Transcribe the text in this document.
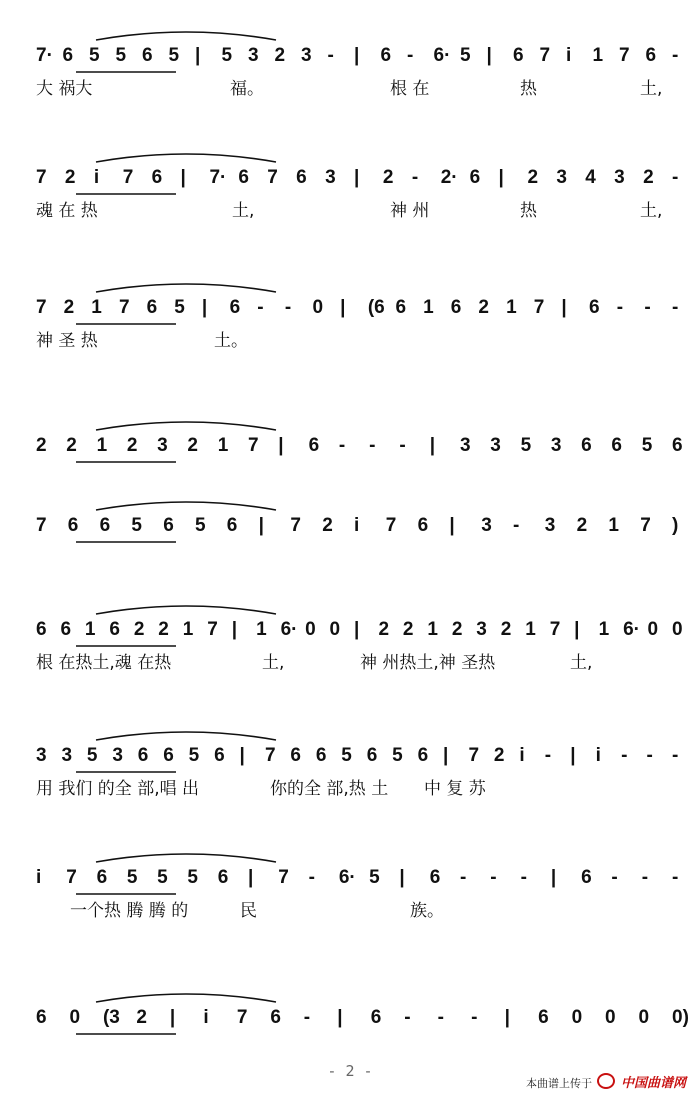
7· 6 5 5 6 5 | 5 3 2 3 - | 6 - 6· 5 | 6 7 i 1 7 6 -
大 祸大	福。	根 在	热	土,
7 2 i 7 6 | 7· 6 7 6 3 | 2 - 2· 6 | 2 3 4 3 2 -
魂 在 热	土,	神 州	热	土,
7 2 1 7 6 5 | 6 - - 0 | (6 6 1 6 2 1 7 | 6 - - -
神 圣 热	土。
2 2 1 2 3 2 1 7 | 6 - - - | 3 3 5 3 6 6 5 6
7 6 6 5 6 5 6 | 7 2 i 7 6 | 3 - 3 2 1 7 )
6 6 1 6 2 2 1 7 | 1 6· 0 0 | 2 2 1 2 3 2 1 7 | 1 6· 0 0
根 在热土,魂 在热	土,	神 州热土,神 圣热	土,
3 3 5 3 6 6 5 6 | 7 6 6 5 6 5 6 | 7 2 i - | i - - -
用 我们 的全 部,唱 出	你的全 部,热 土 中 复 苏
i 7 6 5 5 5 6 | 7 - 6· 5 | 6 - - - | 6 - - -
一个热 腾 腾 的	民	族。
6 0 (3 2 | i 7 6 - | 6 - - - | 6 0 0 0 0)
- 2 -
本曲谱上传于 中国曲谱网
